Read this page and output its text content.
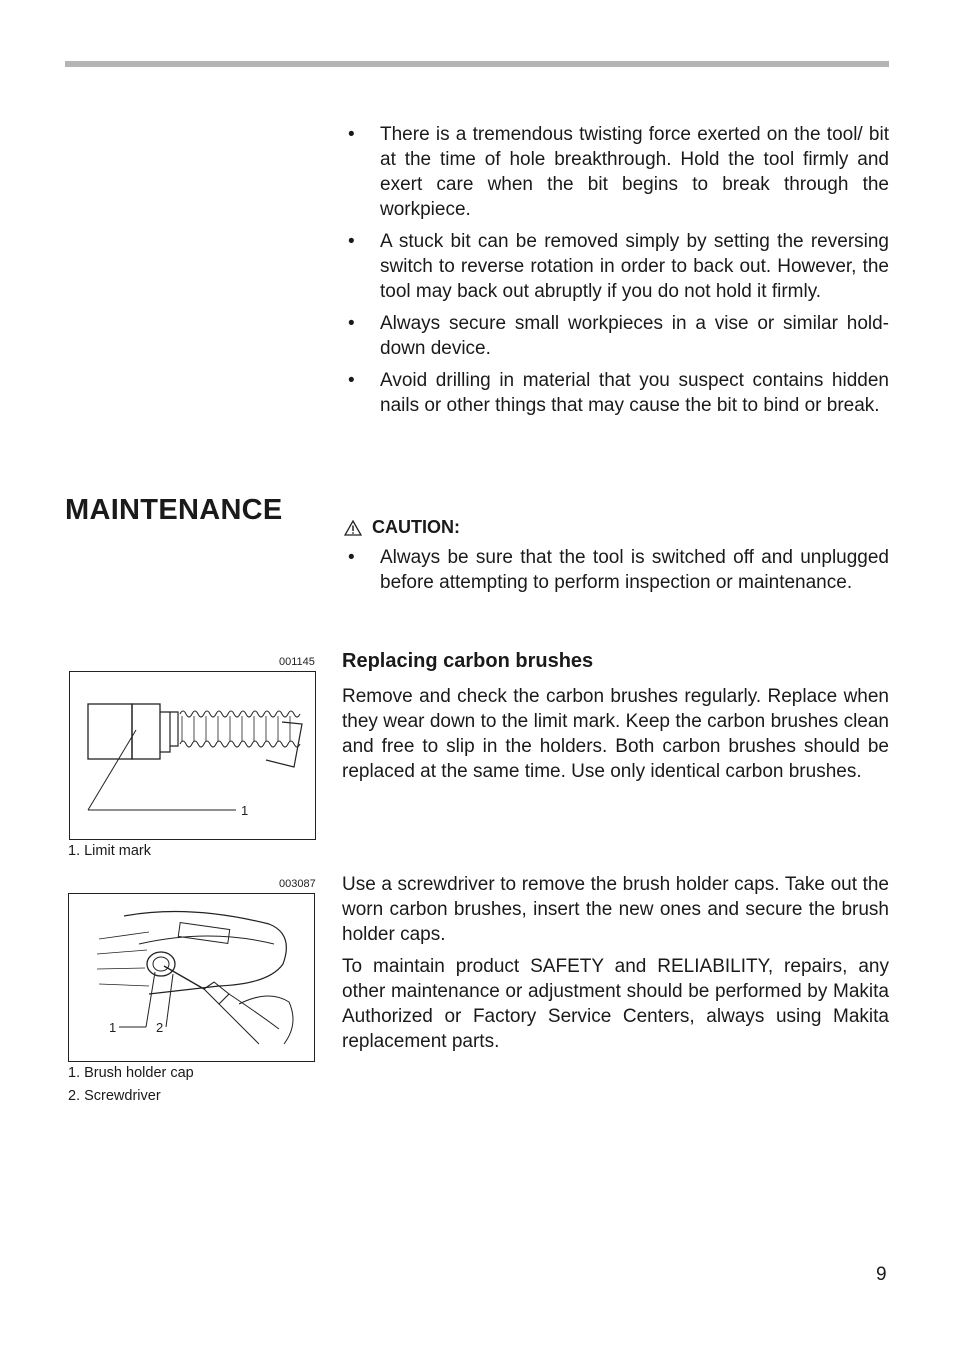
• There is a tremendous twisting force exerted on the tool/ bit at the time of hole breakthrough. Hold the tool firmly and exert care when the bit begins to break through the workpiece.
• A stuck bit can be removed simply by setting the reversing switch to reverse rotation in order to back out. However, the tool may back out abruptly if you do not hold it firmly.
• Always secure small workpieces in a vise or similar hold-down device.
• Avoid drilling in material that you suspect contains hidden nails or other things that may cause the bit to bind or break.
MAINTENANCE
CAUTION:
• Always be sure that the tool is switched off and unplugged before attempting to perform inspection or maintenance.
Replacing carbon brushes

Remove and check the carbon brushes regularly. Replace when they wear down to the limit mark. Keep the carbon brushes clean and free to slip in the holders. Both carbon brushes should be replaced at the same time. Use only identical carbon brushes.

Use a screwdriver to remove the brush holder caps. Take out the worn carbon brushes, insert the new ones and secure the brush holder caps.

To maintain product SAFETY and RELIABILITY, repairs, any other maintenance or adjustment should be performed by Makita Authorized or Factory Service Centers, always using Makita replacement parts.

001145
1
1. Limit mark
003087
1	2
1. Brush holder cap
2. Screwdriver
9
